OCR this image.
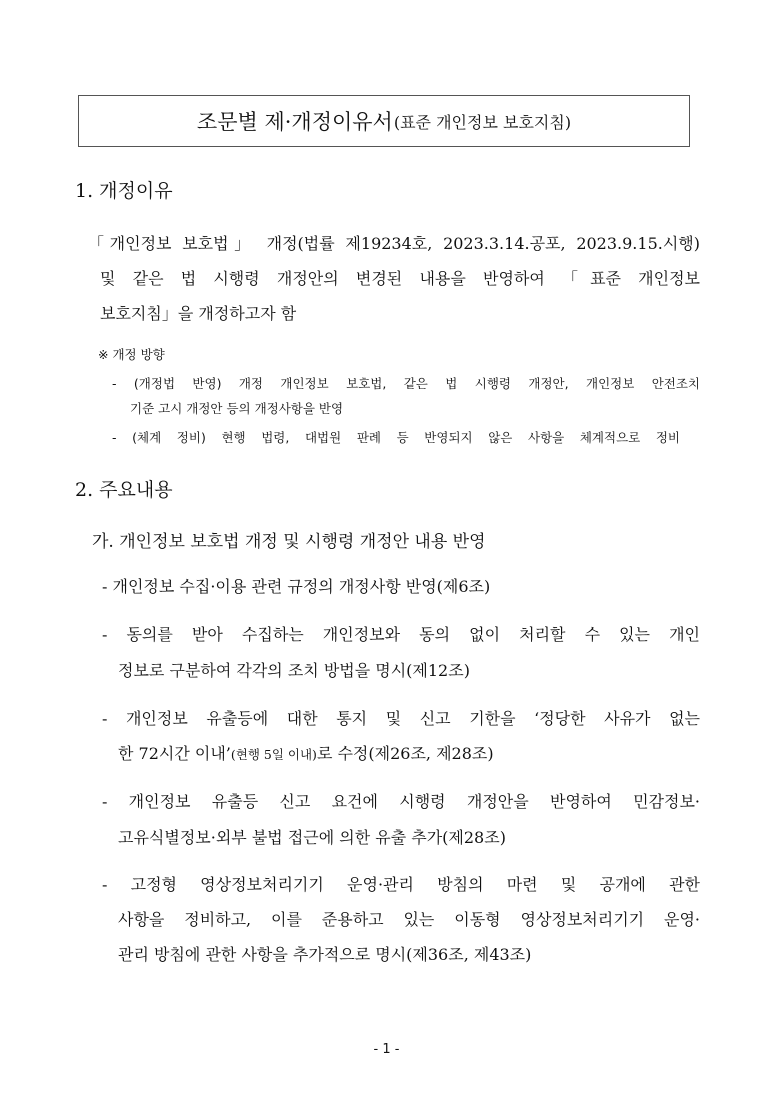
조문별 제·개정이유서 (표준 개인정보 보호지침)
1. 개정이유
「개인정보 보호법」 개정(법률 제19234호, 2023.3.14.공포, 2023.9.15.시행)
및 같은 법 시행령 개정안의 변경된 내용을 반영하여 「표준 개인정보
보호지침」을 개정하고자 함
※ 개정 방향
- (개정법 반영) 개정 개인정보 보호법, 같은 법 시행령 개정안, 개인정보 안전조치
기준 고시 개정안 등의 개정사항을 반영
- (체계 정비) 현행 법령, 대법원 판례 등 반영되지 않은 사항을 체계적으로 정비
2. 주요내용
가. 개인정보 보호법 개정 및 시행령 개정안 내용 반영
- 개인정보 수집·이용 관련 규정의 개정사항 반영(제6조)
- 동의를 받아 수집하는 개인정보와 동의 없이 처리할 수 있는 개인
정보로 구분하여 각각의 조치 방법을 명시(제12조)
- 개인정보 유출등에 대한 통지 및 신고 기한을 ‘정당한 사유가 없는
한 72시간 이내’(현행 5일 이내)로 수정(제26조, 제28조)
- 개인정보 유출등 신고 요건에 시행령 개정안을 반영하여 민감정보·
고유식별정보·외부 불법 접근에 의한 유출 추가(제28조)
- 고정형 영상정보처리기기 운영·관리 방침의 마련 및 공개에 관한
사항을 정비하고, 이를 준용하고 있는 이동형 영상정보처리기기 운영·
관리 방침에 관한 사항을 추가적으로 명시(제36조, 제43조)
- 1 -
